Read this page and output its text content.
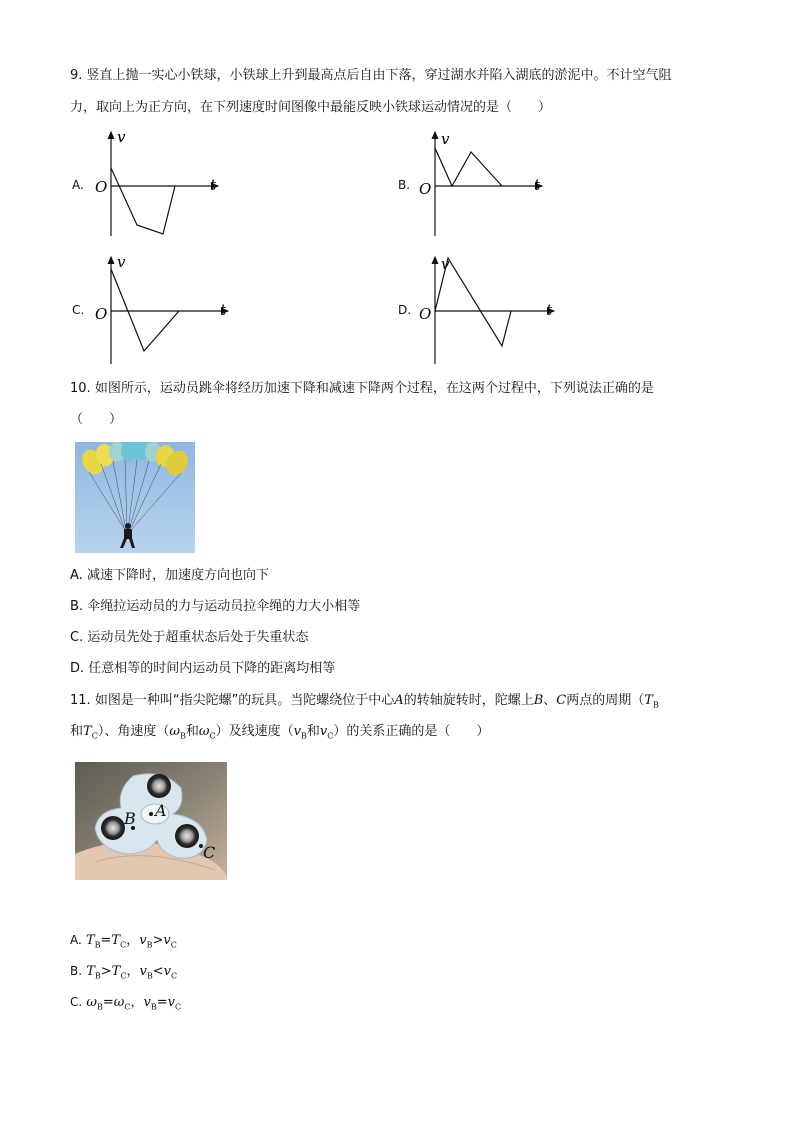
9. 竖直上抛一实心小铁球，小铁球上升到最高点后自由下落，穿过湖水并陷入湖底的淤泥中。不计空气阻
力，取向上为正方向，在下列速度时间图像中最能反映小铁球运动情况的是（　　）
A.
v
t
O	B.
v
t
O
C.
v
t
O	D.
v
t
O
10. 如图所示，运动员跳伞将经历加速下降和减速下降两个过程，在这两个过程中，下列说法正确的是
（　　）
A. 减速下降时，加速度方向也向下
B. 伞绳拉运动员的力与运动员拉伞绳的力大小相等
C. 运动员先处于超重状态后处于失重状态
D. 任意相等的时间内运动员下降的距离均相等
11. 如图是一种叫“指尖陀螺”的玩具。当陀螺绕位于中心A的转轴旋转时，陀螺上B、C两点的周期（$T_B$
和$T_C$）、角速度（$\omega_B$和$\omega_C$）及线速度（$v_B$和$v_C$）的关系正确的是（　　）
A
B
C
A. $T_B=T_C$，$v_B>v_C$
B. $T_B>T_C$，$v_B<v_C$
C. $\omega_B=\omega_C$，$v_B=v_C$
